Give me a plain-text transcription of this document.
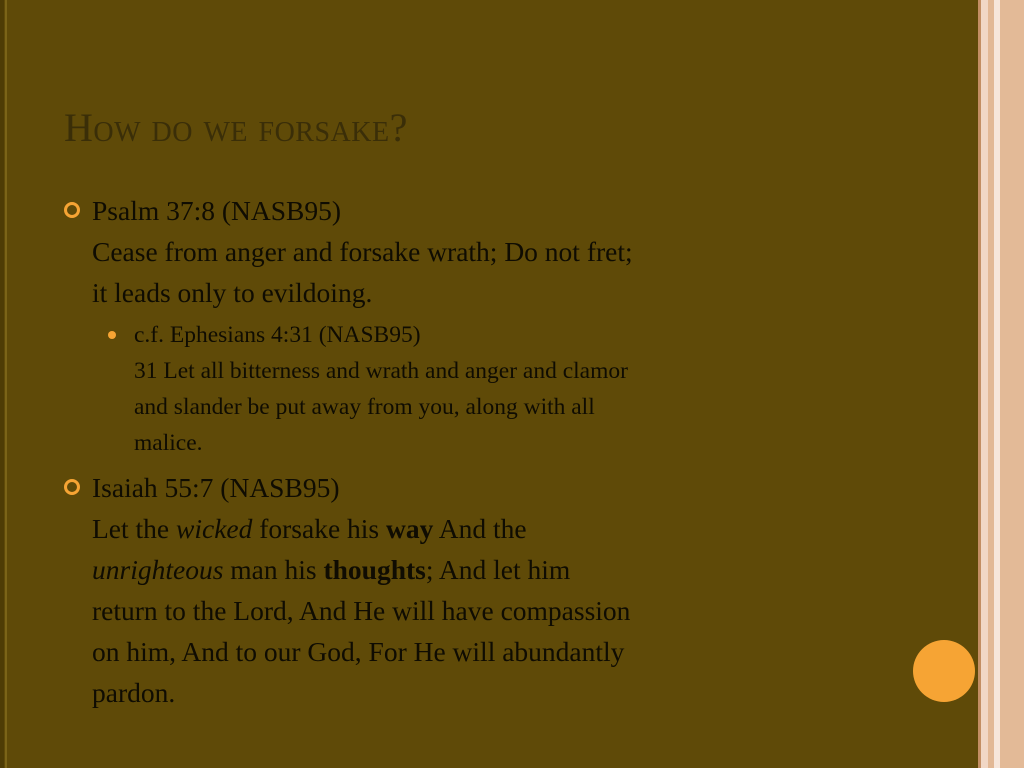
How do we forsake?
Psalm 37:8 (NASB95)
Cease from anger and forsake wrath; Do not fret;
it leads only to evildoing.
c.f. Ephesians 4:31 (NASB95)
31 Let all bitterness and wrath and anger and clamor
and slander be put away from you, along with all
malice.
Isaiah 55:7 (NASB95)
Let the wicked forsake his way And the
unrighteous man his thoughts; And let him
return to the Lord, And He will have compassion
on him, And to our God, For He will abundantly
pardon.
